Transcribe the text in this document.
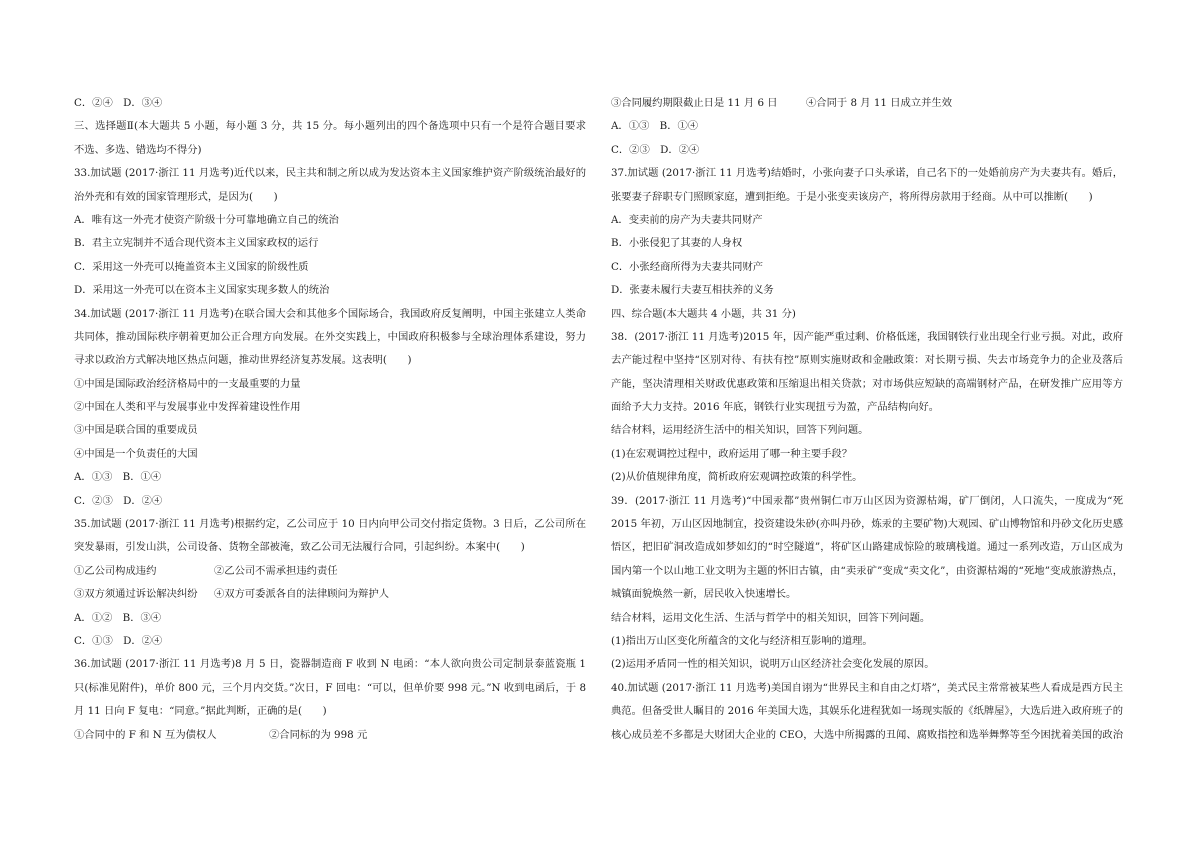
C．②④　D．③④
三、选择题Ⅱ(本大题共 5 小题，每小题 3 分，共 15 分。每小题列出的四个备选项中只有一个是符合题目要求
不选、多选、错选均不得分)
33.加试题 (2017·浙江 11 月选考)近代以来，民主共和制之所以成为发达资本主义国家维护资产阶级统治最好的
治外壳和有效的国家管理形式，是因为(　　)
A．唯有这一外壳才使资产阶级十分可靠地确立自己的统治
B．君主立宪制并不适合现代资本主义国家政权的运行
C．采用这一外壳可以掩盖资本主义国家的阶级性质
D．采用这一外壳可以在资本主义国家实现多数人的统治
34.加试题 (2017·浙江 11 月选考)在联合国大会和其他多个国际场合，我国政府反复阐明，中国主张建立人类命
共同体，推动国际秩序朝着更加公正合理方向发展。在外交实践上，中国政府积极参与全球治理体系建设，努力
寻求以政治方式解决地区热点问题，推动世界经济复苏发展。这表明(　　)
①中国是国际政治经济格局中的一支最重要的力量
②中国在人类和平与发展事业中发挥着建设性作用
③中国是联合国的重要成员
④中国是一个负责任的大国
A．①③　B．①④
C．②③　D．②④
35.加试题 (2017·浙江 11 月选考)根据约定，乙公司应于 10 日内向甲公司交付指定货物。3 日后，乙公司所在
突发暴雨，引发山洪，公司设备、货物全部被淹，致乙公司无法履行合同，引起纠纷。本案中(　　)
①乙公司构成违约	②乙公司不需承担违约责任
③双方须通过诉讼解决纠纷 ④双方可委派各自的法律顾问为辩护人
A．①②　B．③④
C．①③　D．②④
36.加试题 (2017·浙江 11 月选考)8 月 5 日，瓷器制造商 F 收到 N 电函：“本人欲向贵公司定制景泰蓝瓷瓶 1
只(标准见附件)，单价 800 元，三个月内交货。”次日，F 回电：“可以，但单价要 998 元。”N 收到电函后，于 8
月 11 日向 F 复电：“同意。”据此判断，正确的是(　　)
①合同中的 F 和 N 互为债权人	②合同标的为 998 元
③合同履约期限截止日是 11 月 6 日	④合同于 8 月 11 日成立并生效
A．①③　B．①④
C．②③　D．②④
37.加试题 (2017·浙江 11 月选考)结婚时，小张向妻子口头承诺，自己名下的一处婚前房产为夫妻共有。婚后，
张要妻子辞职专门照顾家庭，遭到拒绝。于是小张变卖该房产，将所得房款用于经商。从中可以推断(　　)
A．变卖前的房产为夫妻共同财产
B．小张侵犯了其妻的人身权
C．小张经商所得为夫妻共同财产
D．张妻未履行夫妻互相扶养的义务
四、综合题(本大题共 4 小题，共 31 分)
38．(2017·浙江 11 月选考)2015 年，因产能严重过剩、价格低迷，我国钢铁行业出现全行业亏损。对此，政府
去产能过程中坚持“区别对待、有扶有控”原则实施财政和金融政策：对长期亏损、失去市场竞争力的企业及落后
产能，坚决清理相关财政优惠政策和压缩退出相关贷款；对市场供应短缺的高端钢材产品，在研发推广应用等方
面给予大力支持。2016 年底，钢铁行业实现扭亏为盈，产品结构向好。
结合材料，运用经济生活中的相关知识，回答下列问题。
(1)在宏观调控过程中，政府运用了哪一种主要手段？
(2)从价值规律角度，简析政府宏观调控政策的科学性。
39．(2017·浙江 11 月选考)“中国汞都”贵州铜仁市万山区因为资源枯竭，矿厂倒闭，人口流失，一度成为“死
2015 年初，万山区因地制宜，投资建设朱砂(亦叫丹砂，炼汞的主要矿物)大观园、矿山博物馆和丹砂文化历史感
悟区，把旧矿洞改造成如梦如幻的“时空隧道”，将矿区山路建成惊险的玻璃栈道。通过一系列改造，万山区成为
国内第一个以山地工业文明为主题的怀旧古镇，由“卖汞矿”变成“卖文化”，由资源枯竭的“死地”变成旅游热点，
城镇面貌焕然一新，居民收入快速增长。
结合材料，运用文化生活、生活与哲学中的相关知识，回答下列问题。
(1)指出万山区变化所蕴含的文化与经济相互影响的道理。
(2)运用矛盾同一性的相关知识，说明万山区经济社会变化发展的原因。
40.加试题 (2017·浙江 11 月选考)美国自诩为“世界民主和自由之灯塔”，美式民主常常被某些人看成是西方民主
典范。但备受世人瞩目的 2016 年美国大选，其娱乐化进程犹如一场现实版的《纸牌屋》，大选后进入政府班子的
核心成员差不多都是大财团大企业的 CEO，大选中所揭露的丑闻、腐败指控和选举舞弊等至今困扰着美国的政治
